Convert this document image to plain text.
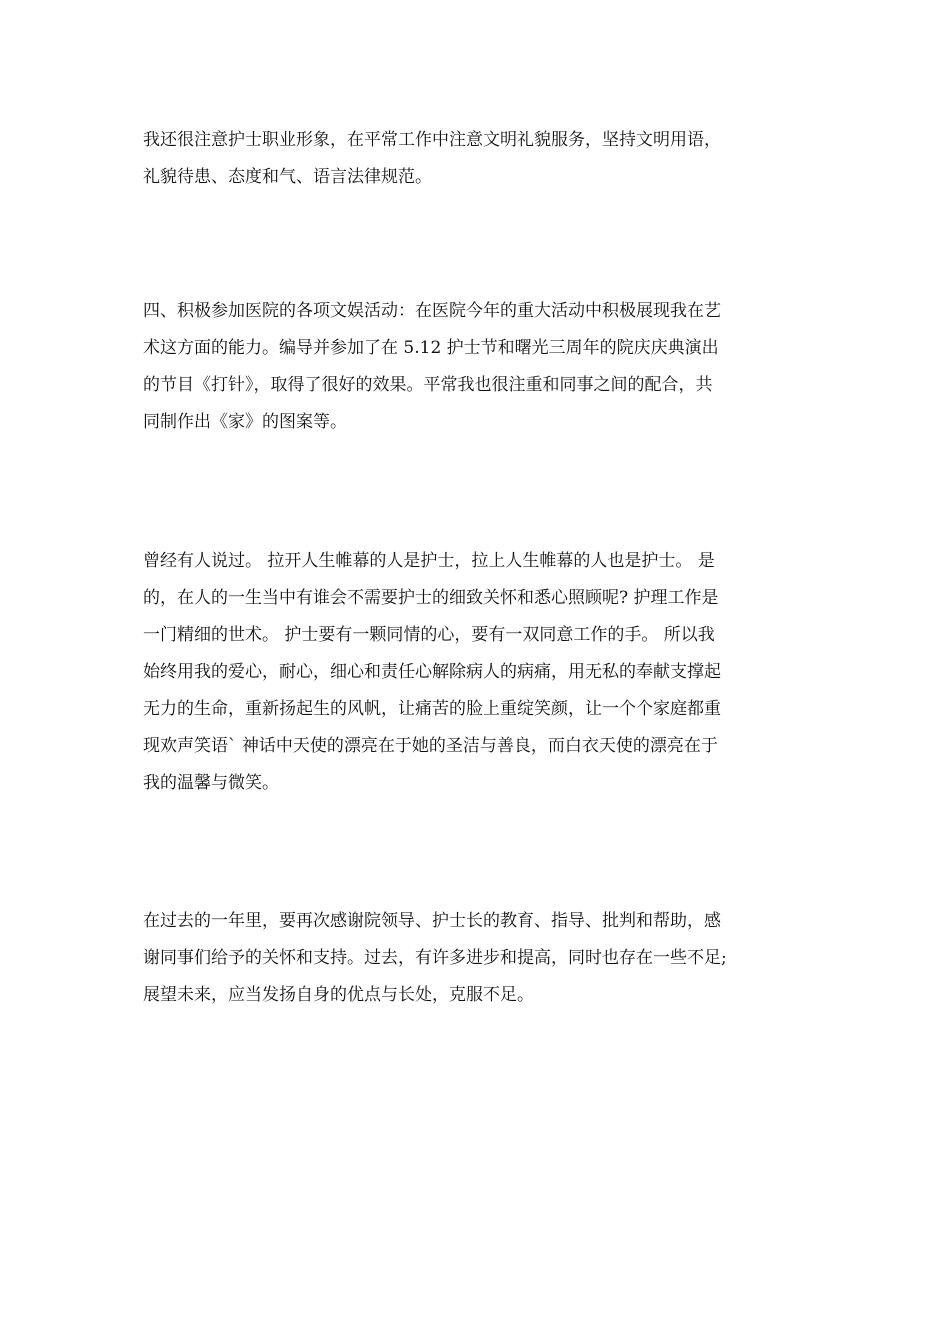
我还很注意护士职业形象，在平常工作中注意文明礼貌服务，坚持文明用语，
礼貌待患、态度和气、语言法律规范。
四、积极参加医院的各项文娱活动：在医院今年的重大活动中积极展现我在艺
术这方面的能力。编导并参加了在 5.12 护士节和曙光三周年的院庆庆典演出
的节目《打针》，取得了很好的效果。平常我也很注重和同事之间的配合，共
同制作出《家》的图案等。
曾经有人说过。 拉开人生帷幕的人是护士，拉上人生帷幕的人也是护士。 是
的，在人的一生当中有谁会不需要护士的细致关怀和悉心照顾呢? 护理工作是
一门精细的世术。 护士要有一颗同情的心，要有一双同意工作的手。 所以我
始终用我的爱心，耐心，细心和责任心解除病人的病痛，用无私的奉献支撑起
无力的生命，重新扬起生的风帆，让痛苦的脸上重绽笑颜，让一个个家庭都重
现欢声笑语` 神话中天使的漂亮在于她的圣洁与善良，而白衣天使的漂亮在于
我的温馨与微笑。
在过去的一年里，要再次感谢院领导、护士长的教育、指导、批判和帮助，感
谢同事们给予的关怀和支持。过去，有许多进步和提高，同时也存在一些不足;
展望未来，应当发扬自身的优点与长处，克服不足。
